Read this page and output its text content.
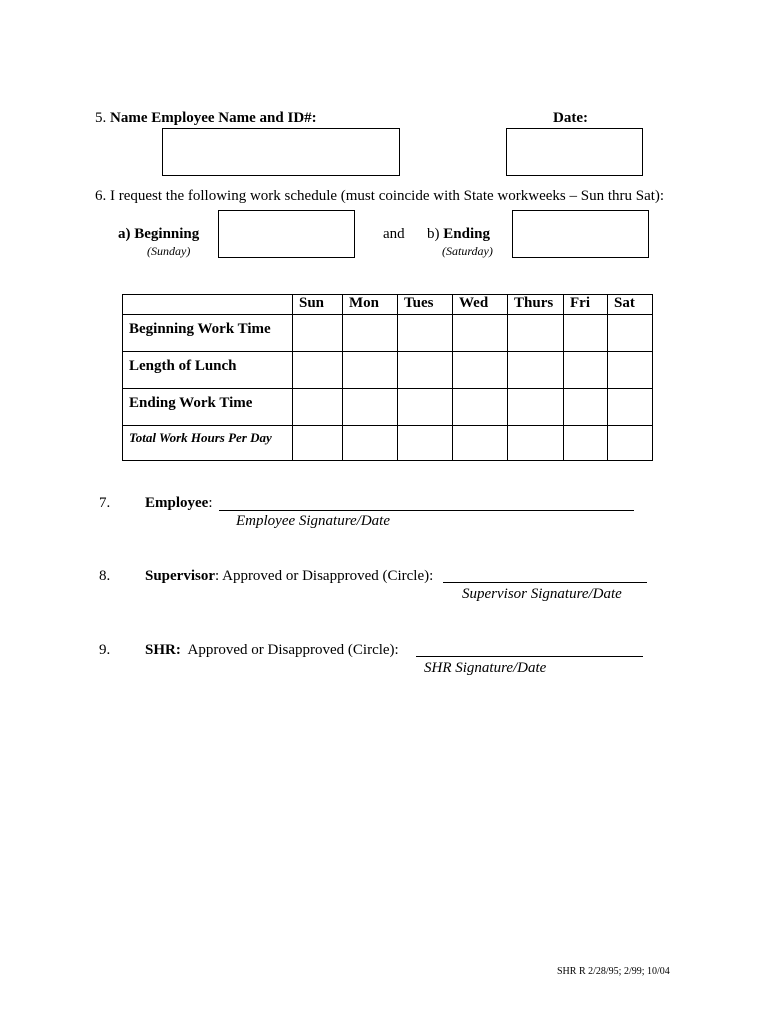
5. Name Employee Name and ID#:	Date:
6. I request the following work schedule (must coincide with State workweeks – Sun thru Sat):
a) Beginning
(Sunday)
and b) Ending
(Saturday)
	Sun	Mon	Tues	Wed	Thurs	Fri	Sat
Beginning Work Time							
Length of Lunch							
Ending Work Time							
Total Work Hours Per Day							
7. Employee:
Employee Signature/Date
8. Supervisor: Approved or Disapproved (Circle):
Supervisor Signature/Date
9. SHR: Approved or Disapproved (Circle):
SHR Signature/Date
SHR R 2/28/95; 2/99; 10/04
